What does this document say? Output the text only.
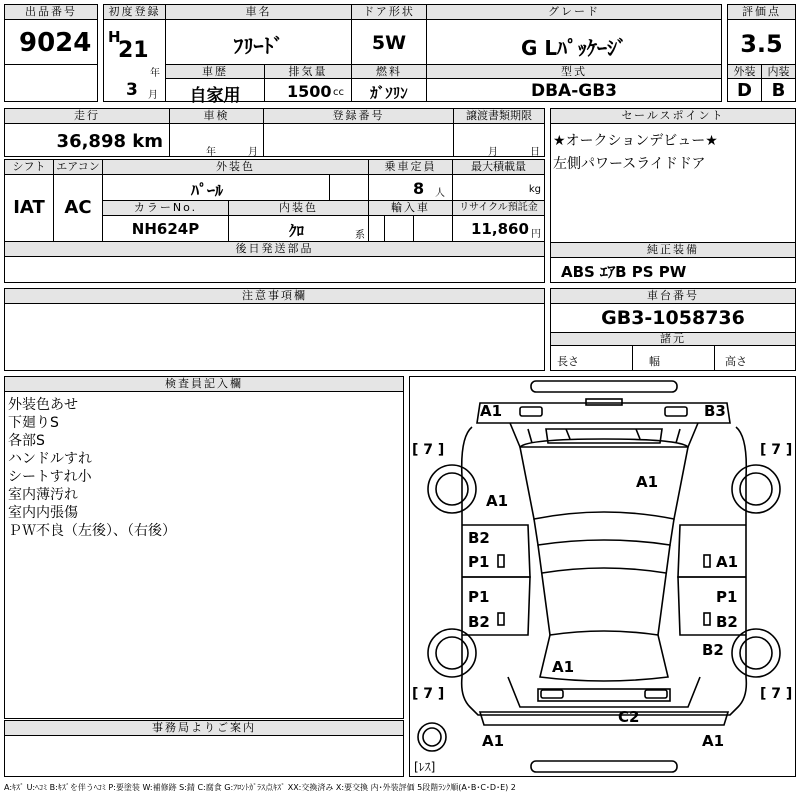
出品番号
9024
初度登録
H
21
年
3 月
車名
ﾌﾘｰﾄﾞ
ドア形状
5W
グレード
G Lﾊﾟｯｹｰｼﾞ
評価点
3.5
車歴
自家用
排気量
1500 cc
燃料
ｶﾞｿﾘﾝ
型式
DBA-GB3
外装	内装
D	B
走行
36,898 km
車検
年	月
登録番号	譲渡書類期限
月	日
セールスポイント
★オークションデビュー★
左側パワースライドドア
シフト
IAT
エアコン
AC
外装色
ﾊﾟｰﾙ
乗車定員
8 人
最大積載量
kg
カラーNo.
NH624P
内装色
ｸﾛ	系
輸入車	リサイクル預託金
11,860 円
後日発送部品	純正装備
ABS ｴｱB PS PW
注意事項欄	車台番号
GB3-1058736
諸元
長さ	幅	高さ
検査員記入欄
外装色あせ
下廻りS
各部S
ハンドルすれ
シートすれ小
室内薄汚れ
室内内張傷
ＰＷ不良（左後）、（右後）
事務局よりご案内
A1	B3
A1
A1
B2
P1	A1
P1	P1
B2	B2
B2
A1
C2
A1	A1
[ 7 ]	[ 7 ]
[ 7 ]	[ 7 ]
[ﾚｽ]
A:ｷｽﾞ U:ﾍｺﾐ B:ｷｽﾞを伴うﾍｺﾐ P:要塗装 W:補修跡 S:錆 C:腐食 G:ﾌﾛﾝﾄｶﾞﾗｽ点ｷｽﾞ XX:交換済み X:要交換 内･外装評価 5段階ﾗﾝｸ順(A･B･C･D･E) 2
